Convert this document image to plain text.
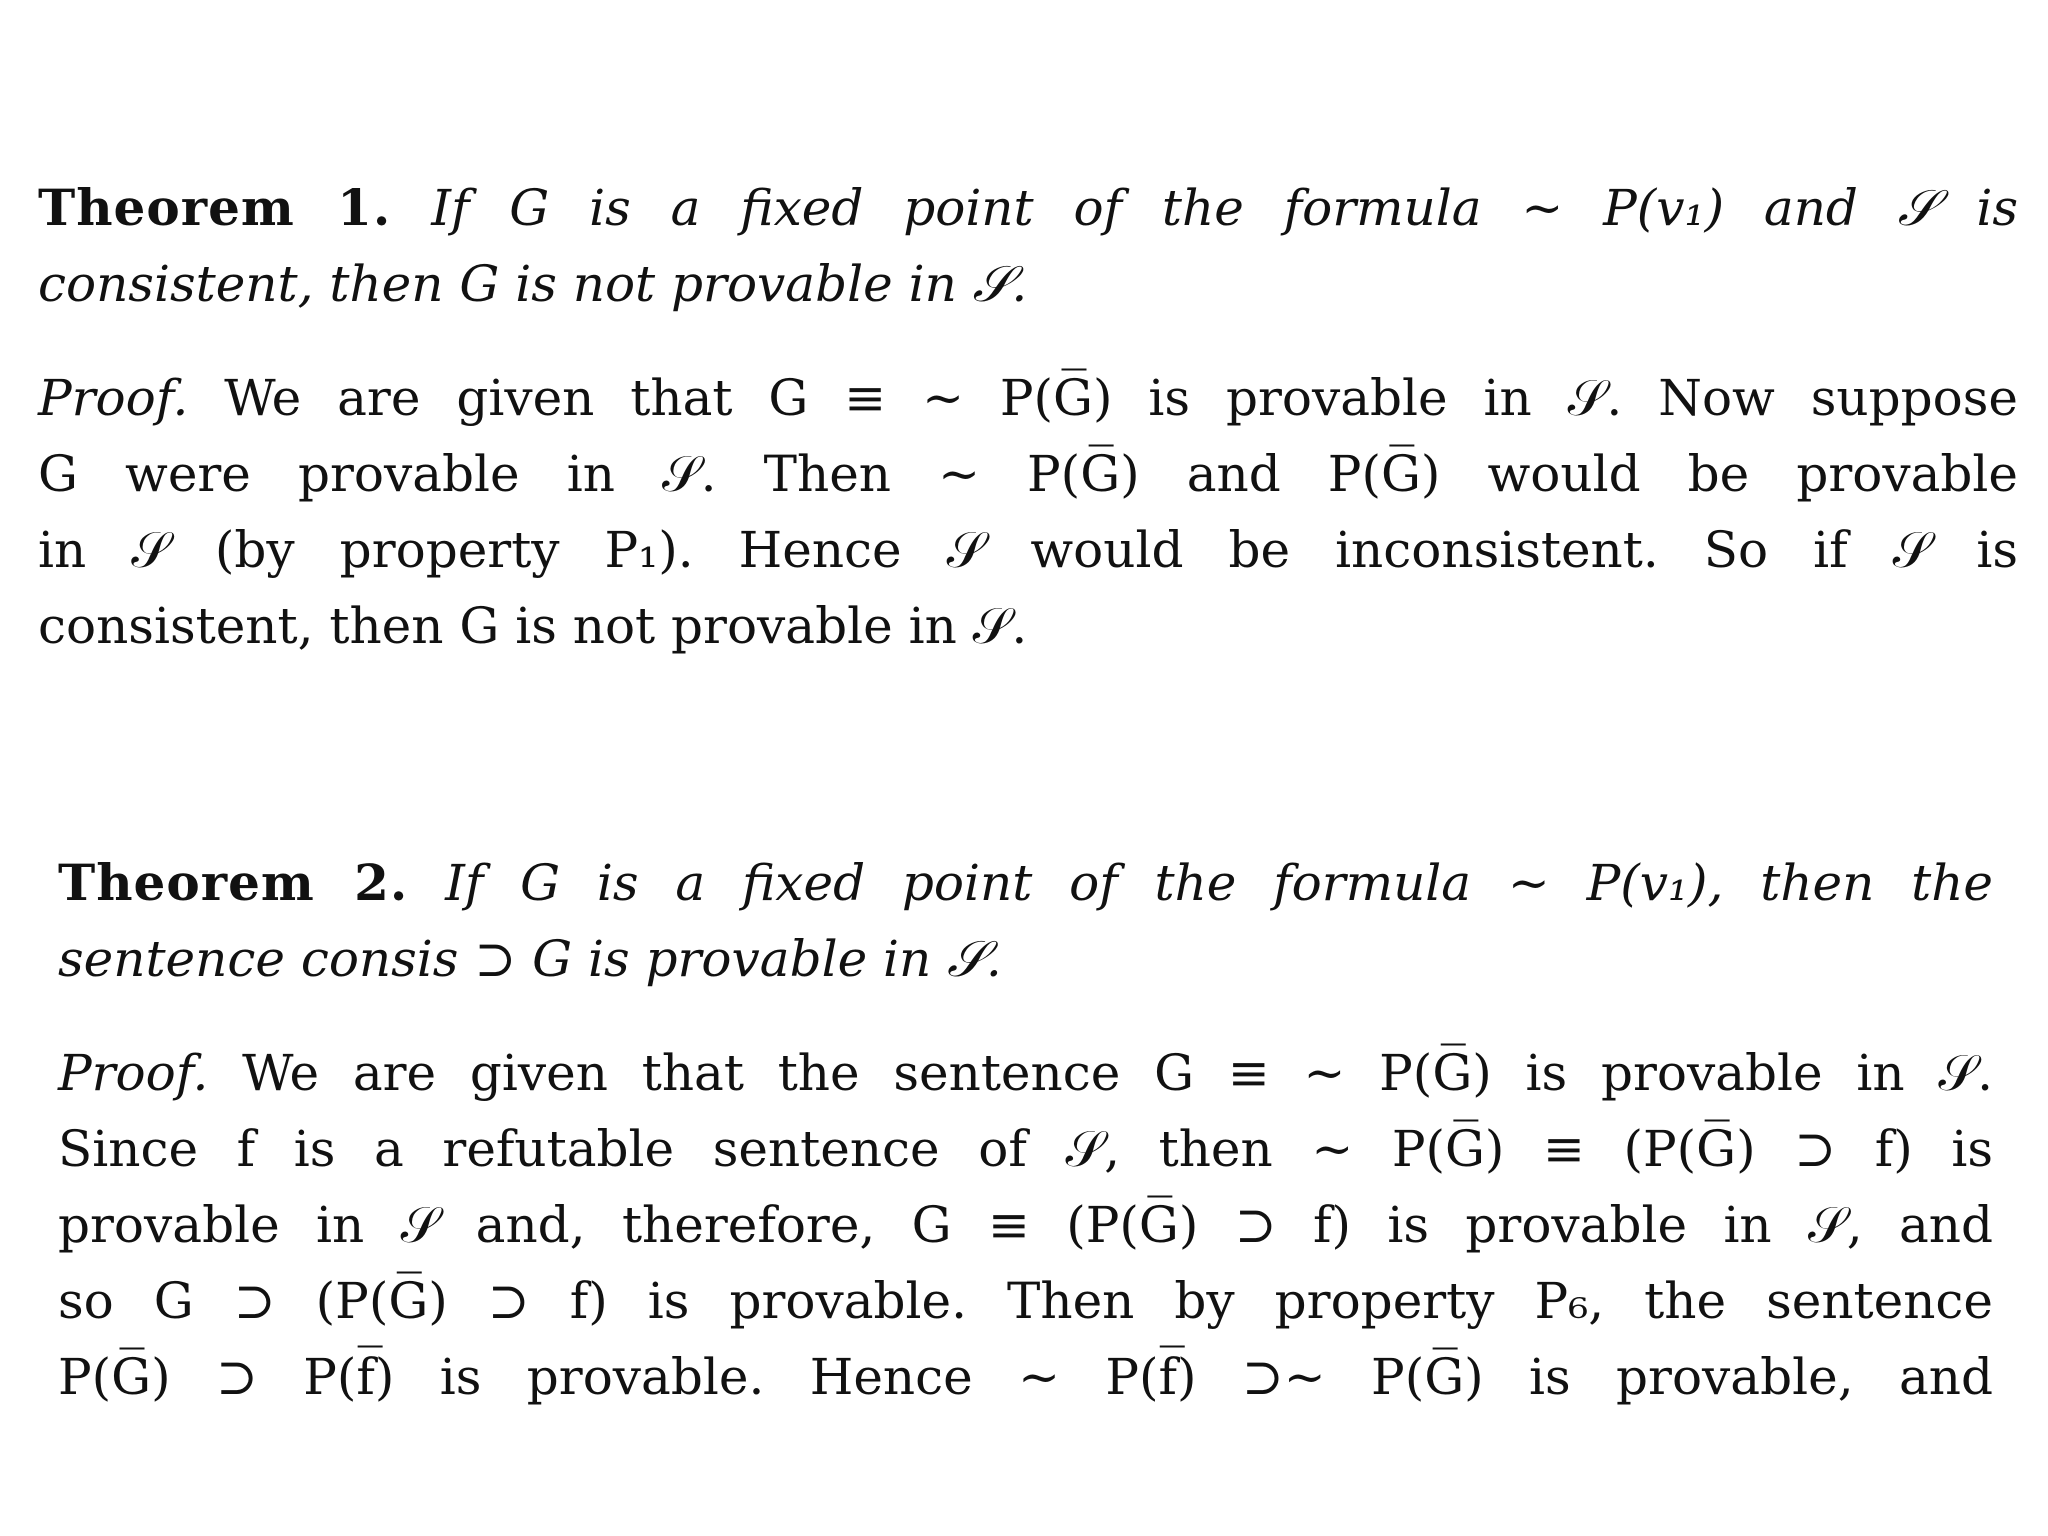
Theorem 1. If G is a fixed point of the formula ~ P(v₁) and 𝒮 is
consistent, then G is not provable in 𝒮.
Proof. We are given that G ≡ ~ P(G̅) is provable in 𝒮. Now suppose
G were provable in 𝒮. Then ~ P(G̅) and P(G̅) would be provable
in 𝒮 (by property P₁). Hence 𝒮 would be inconsistent. So if 𝒮 is
consistent, then G is not provable in 𝒮.
Theorem 2. If G is a fixed point of the formula ~ P(v₁), then the
sentence consis ⊃ G is provable in 𝒮.
Proof. We are given that the sentence G ≡ ~ P(G̅) is provable in 𝒮.
Since f is a refutable sentence of 𝒮, then ~ P(G̅) ≡ (P(G̅) ⊃ f) is
provable in 𝒮 and, therefore, G ≡ (P(G̅) ⊃ f) is provable in 𝒮, and
so G ⊃ (P(G̅) ⊃ f) is provable. Then by property P₆, the sentence
P(G̅) ⊃ P(f̅) is provable. Hence ~ P(f̅) ⊃~ P(G̅) is provable, and
